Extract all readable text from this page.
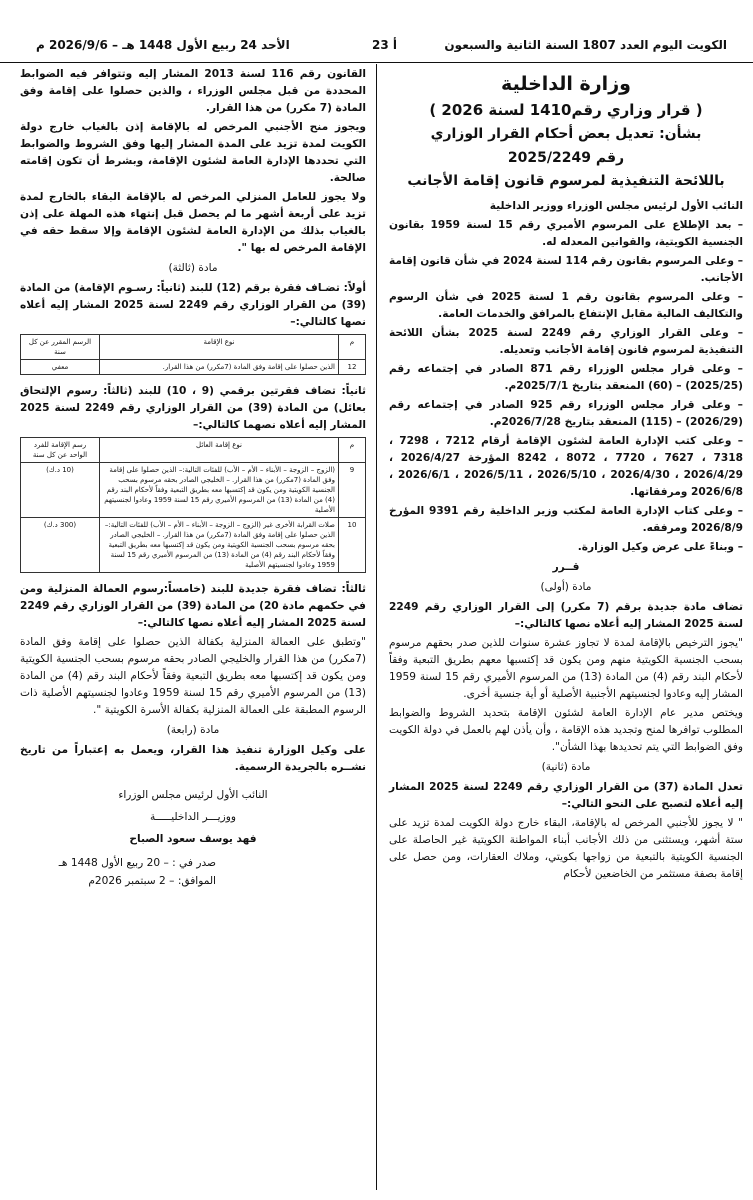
الكويت اليوم العدد 1807 السنة الثانية والسبعون
أ 23
الأحد 24 ربيع الأول 1448 هـ – 2026/9/6 م
وزارة الداخلية
( قرار وزاري رقم1410 لسنة 2026 )
بشأن: تعديل بعض أحكام القرار الوزاري
رقم 2025/2249
باللائحة التنفيذية لمرسوم قانون إقامة الأجانب

النائب الأول لرئيس مجلس الوزراء ووزير الداخلية

– بعد الإطلاع على المرسوم الأميري رقم 15 لسنة 1959 بقانون الجنسية الكويتية، والقوانين المعدله له.

– وعلى المرسوم بقانون رقم 114 لسنة 2024 في شأن قانون إقامة الأجانب.

– وعلى المرسوم بقانون رقم 1 لسنة 2025 في شأن الرسوم والتكاليف المالية مقابل الإنتفاع بالمرافق والخدمات العامة.

– وعلى القرار الوزاري رقم 2249 لسنة 2025 بشأن اللائحة التنفيذية لمرسوم قانون إقامة الأجانب وتعديله.

– وعلى قرار مجلس الوزراء رقم 871 الصادر في إجتماعه رقم (2025/25) – (60) المنعقد بتاريخ 2025/7/1م.

– وعلى قرار مجلس الوزراء رقم 925 الصادر في إجتماعه رقم (2026/29) – (115) المنعقد بتاريخ 2026/7/28م.

– وعلى كتب الإدارة العامة لشئون الإقامة أرقام 7212 ، 7298 ، 7318 ، 7627 ، 7720 ، 8072 ، 8242 المؤرخة 2026/4/27 ، 2026/4/29 ، 2026/4/30 ، 2026/5/10 ، 2026/5/11 ، 2026/6/1 ، 2026/6/8 ومرفقاتها.

– وعلى كتاب الإدارة العامة لمكتب وزير الداخلية رقم 9391 المؤرخ 2026/8/9 ومرفقه.

– وبناءً على عرض وكيل الوزارة.

قــرر
مادة (أولى)

تضاف مادة جديدة برقم (7 مكرر) إلى القرار الوزاري رقم 2249 لسنة 2025 المشار إليه أعلاه نصها كالتالي:–

"يجوز الترخيص بالإقامة لمدة لا تجاوز عشرة سنوات للذين صدر بحقهم مرسوم بسحب الجنسية الكويتية منهم ومن يكون قد إكتسبها معهم بطريق التبعية وفقاً لأحكام البند رقم (4) من المادة (13) من المرسوم الأميري رقم 15 لسنة 1959 المشار إليه وعادوا لجنسيتهم الأجنبية الأصلية أو أية جنسية أخرى.

ويختص مدير عام الإدارة العامة لشئون الإقامة بتحديد الشروط والضوابط المطلوب توافرها لمنح وتجديد هذه الإقامة ، وأن يأذن لهم بالعمل في دولة الكويت وفق الضوابط التي يتم تحديدها بهذا الشأن".

مادة (ثانية)

تعدل المادة (37) من القرار الوزاري رقم 2249 لسنة 2025 المشار إليه أعلاه لتصبح على النحو التالي:–

" لا يجوز للأجنبي المرخص له بالإقامة، البقاء خارج دولة الكويت لمدة تزيد على ستة أشهر، ويستثنى من ذلك الأجانب أبناء المواطنة الكويتية غير الحاصلة على الجنسية الكويتية بالتبعية من زواجها بكويتي، وملاك العقارات، ومن حصل على إقامة بصفة مستثمر من الخاضعين لأحكام

القانون رقم 116 لسنة 2013 المشار إليه وتتوافر فيه الضوابط المحددة من قبل مجلس الوزراء ، والذين حصلوا على إقامة وفق المادة (7 مكرر) من هذا القرار.

ويجوز منح الأجنبي المرخص له بالإقامة إذن بالغياب خارج دولة الكويت لمدة تزيد على المدة المشار إليها وفق الشروط والضوابط التي تحددها الإدارة العامة لشئون الإقامة، وبشرط أن تكون إقامته صالحة.

ولا يجوز للعامل المنزلي المرخص له بالإقامة البقاء بالخارج لمدة تزيد على أربعة أشهر ما لم يحصل قبل إنتهاء هذه المهلة على إذن بالغياب بذلك من الإدارة العامة لشئون الإقامة وإلا سقط حقه في الإقامة المرخص له بها ".

مادة (ثالثة)

أولاً: تضـاف فقرة برقم (12) للبند (ثانياً: رسـوم الإقامة) من المادة (39) من القرار الوزاري رقم 2249 لسنة 2025 المشار إليه أعلاه نصها كالتالي:–

م	نوع الإقامة	الرسم المقرر عن كل سنة
12	الذين حصلوا على إقامة وفق المادة (7مكرر) من هذا القرار.	معفي

ثانياً: تضاف فقرتين برقمي (9 ، 10) للبند (ثالثاً: رسوم الإلتحاق بعائل) من المادة (39) من القرار الوزاري رقم 2249 لسنة 2025 المشار إليه أعلاه نصهما كالتالي:–

م	نوع إقامة العائل	رسم الإقامة للفرد الواحد عن كل سنة
9	(الزوج – الزوجة – الأبناء – الأم – الأب) للفئات التالية:– الذين حصلوا على إقامة وفق المادة (7مكرر) من هذا القرار. – الخليجي الصادر بحقه مرسوم بسحب الجنسية الكويتية ومن يكون قد إكتسبها معه بطريق التبعية وفقاً لأحكام البند رقم (4) من المادة (13) من المرسوم الأميري رقم 15 لسنة 1959 وعادوا لجنسيتهم الأصلية	(10 د.ك)
10	صلات القرابة الأخرى غير (الزوج – الزوجة – الأبناء – الأم – الأب) للفئات التالية:– الذين حصلوا على إقامة وفق المادة (7مكرر) من هذا القرار. – الخليجي الصادر بحقه مرسوم بسحب الجنسية الكويتية ومن يكون قد إكتسبها معه بطريق التبعية وفقاً لأحكام البند رقم (4) من المادة (13) من المرسوم الأميري رقم 15 لسنة 1959 وعادوا لجنسيتهم الأصلية	(300 د.ك)

ثالثاً: تضاف فقرة جديدة للبند (خامساً:رسوم العمالة المنزلية ومن في حكمهم مادة 20) من المادة (39) من القرار الوزاري رقم 2249 لسنة 2025 المشار إليه أعلاه نصها كالتالي:–

"وتطبق على العمالة المنزلية بكفالة الذين حصلوا على إقامة وفق المادة (7مكرر) من هذا القرار والخليجي الصادر بحقه مرسوم بسحب الجنسية الكويتية ومن يكون قد إكتسبها معه بطريق التبعية وفقاً لأحكام البند رقم (4) من المادة (13) من المرسوم الأميري رقم 15 لسنة 1959 وعادوا لجنسيتهم الأصلية ذات الرسوم المطبقة على العمالة المنزلية بكفالة الأسرة الكويتية ".

مادة (رابعة)

على وكيل الوزارة تنفيذ هذا القرار، ويعمل به إعتباراً من تاريخ نشــره بالجريدة الرسمية.

النائب الأول لرئيس مجلس الوزراء
ووزيـــر الداخليـــــة
فهد يوسف سعود الصباح
صدر في : – 20 ربيع الأول 1448 هـ
الموافق: – 2 سبتمبر 2026م
